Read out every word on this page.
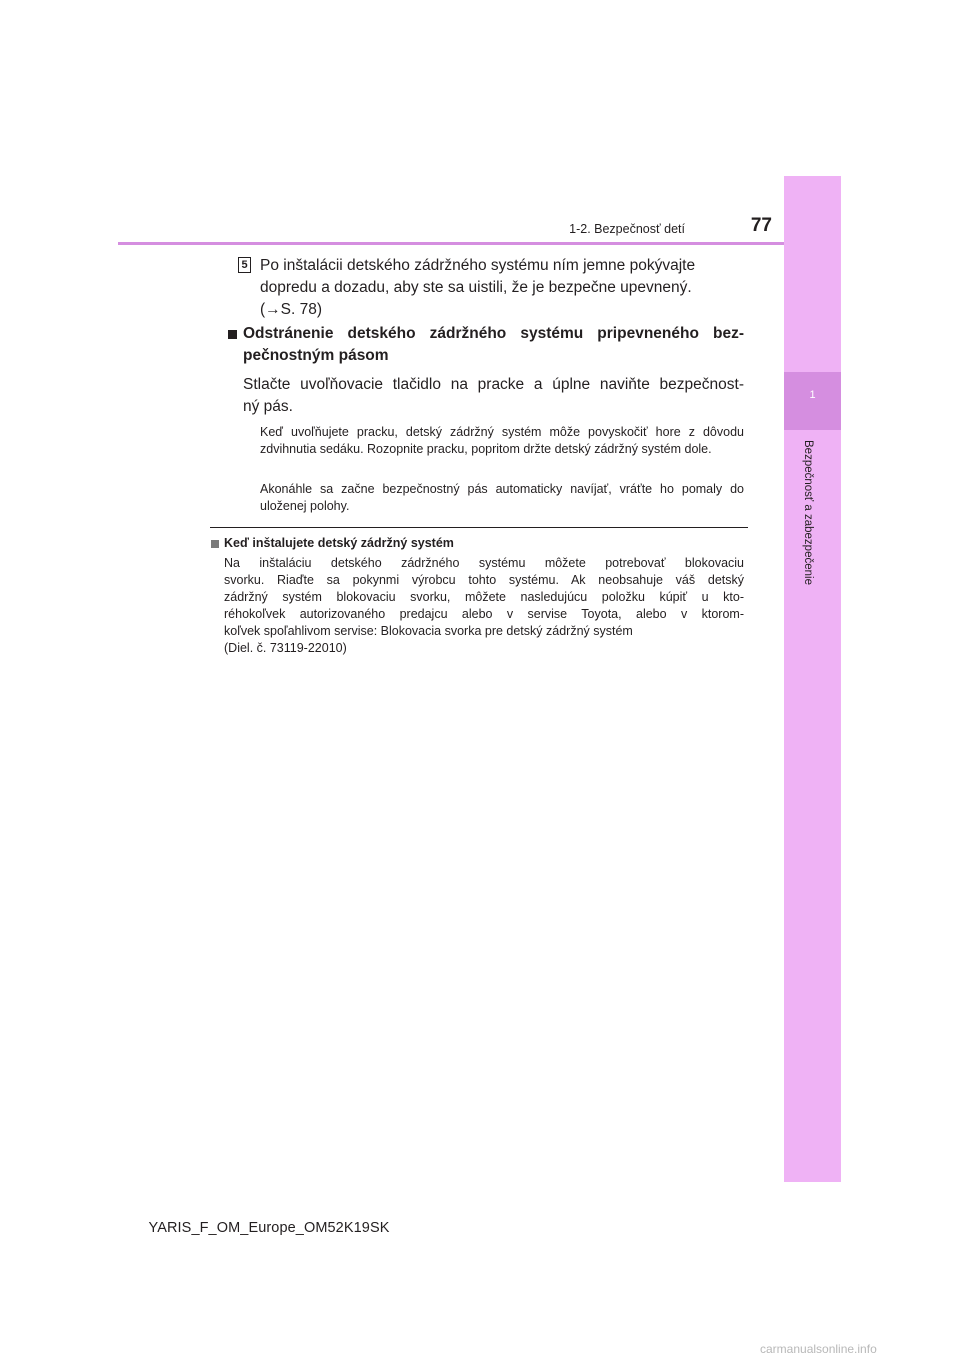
1
Bezpečnosť a zabezpečenie
1-2. Bezpečnosť detí	77
5 Po inštalácii detského zádržného systému ním jemne pokývajte
dopredu a dozadu, aby ste sa uistili, že je bezpečne upevnený.
(→S. 78)
Odstránenie detského zádržného systému pripevneného bez-
pečnostným pásom
Stlačte uvoľňovacie tlačidlo na pracke a úplne naviňte bezpečnost-
ný pás.
Keď uvoľňujete pracku, detský zádržný systém môže povyskočiť hore z dôvodu zdvihnutia sedáku. Rozopnite pracku, popritom držte detský zádržný systém dole.
Akonáhle sa začne bezpečnostný pás automaticky navíjať, vráťte ho pomaly do uloženej polohy.
Keď inštalujete detský zádržný systém

Na inštaláciu detského zádržného systému môžete potrebovať blokovaciu

svorku. Riaďte sa pokynmi výrobcu tohto systému. Ak neobsahuje váš detský

zádržný systém blokovaciu svorku, môžete nasledujúcu položku kúpiť u kto-

réhokoľvek autorizovaného predajcu alebo v servise Toyota, alebo v ktorom-

koľvek spoľahlivom servise: Blokovacia svorka pre detský zádržný systém

(Diel. č. 73119-22010)

YARIS_F_OM_Europe_OM52K19SK
carmanualsonline.info
